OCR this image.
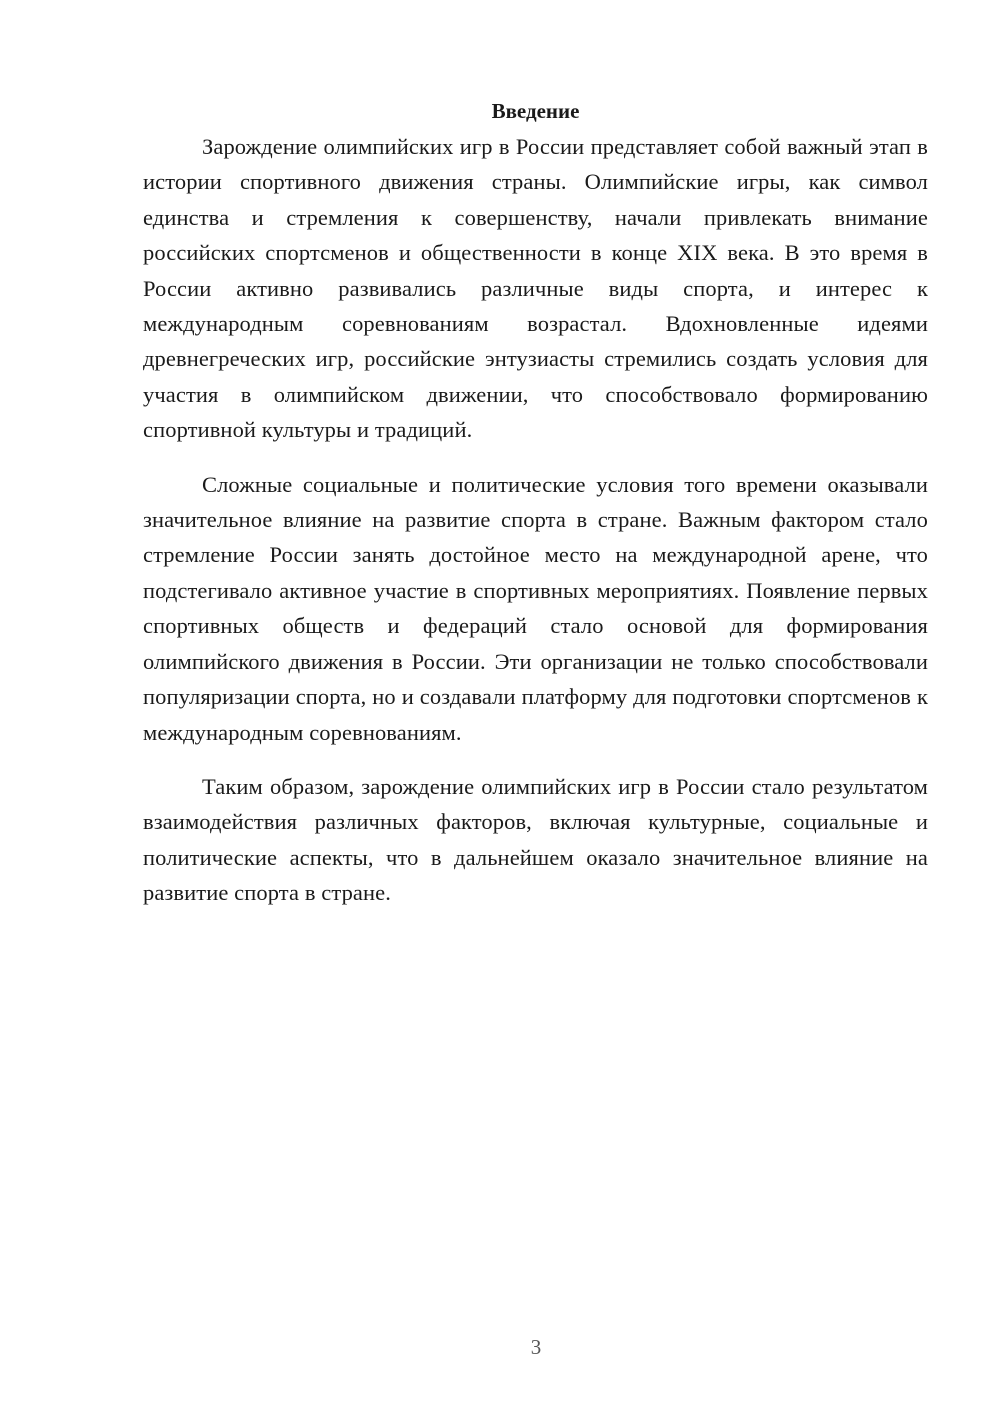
Введение

Зарождение олимпийских игр в России представляет собой важный этап в истории спортивного движения страны. Олимпийские игры, как символ единства и стремления к совершенству, начали привлекать внимание российских спортсменов и общественности в конце XIX века. В это время в России активно развивались различные виды спорта, и интерес к международным соревнованиям возрастал. Вдохновленные идеями древнегреческих игр, российские энтузиасты стремились создать условия для участия в олимпийском движении, что способствовало формированию спортивной культуры и традиций.

Сложные социальные и политические условия того времени оказывали значительное влияние на развитие спорта в стране. Важным фактором стало стремление России занять достойное место на международной арене, что подстегивало активное участие в спортивных мероприятиях. Появление первых спортивных обществ и федераций стало основой для формирования олимпийского движения в России. Эти организации не только способствовали популяризации спорта, но и создавали платформу для подготовки спортсменов к международным соревнованиям.

Таким образом, зарождение олимпийских игр в России стало результатом взаимодействия различных факторов, включая культурные, социальные и политические аспекты, что в дальнейшем оказало значительное влияние на развитие спорта в стране.

3
